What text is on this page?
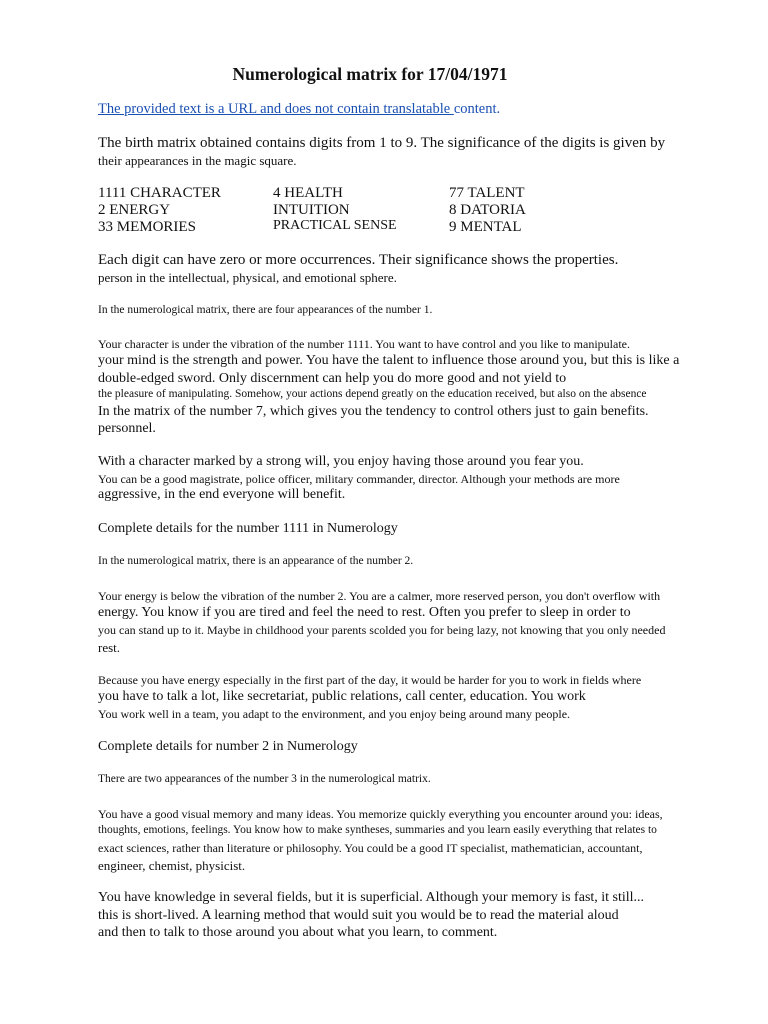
Numerological matrix for 17/04/1971
The provided text is a URL and does not contain translatable content.
The birth matrix obtained contains digits from 1 to 9. The significance of the digits is given by
their appearances in the magic square.
1111 CHARACTER
2 ENERGY
33 MEMORIES
4 HEALTH
INTUITION
PRACTICAL SENSE
77 TALENT
8 DATORIA
9 MENTAL
Each digit can have zero or more occurrences. Their significance shows the properties.
person in the intellectual, physical, and emotional sphere.
In the numerological matrix, there are four appearances of the number 1.
Your character is under the vibration of the number 1111. You want to have control and you like to manipulate.
your mind is the strength and power. You have the talent to influence those around you, but this is like a
double-edged sword. Only discernment can help you do more good and not yield to
the pleasure of manipulating. Somehow, your actions depend greatly on the education received, but also on the absence
In the matrix of the number 7, which gives you the tendency to control others just to gain benefits.
personnel.
With a character marked by a strong will, you enjoy having those around you fear you.
You can be a good magistrate, police officer, military commander, director. Although your methods are more
aggressive, in the end everyone will benefit.
Complete details for the number 1111 in Numerology
In the numerological matrix, there is an appearance of the number 2.
Your energy is below the vibration of the number 2. You are a calmer, more reserved person, you don't overflow with
energy. You know if you are tired and feel the need to rest. Often you prefer to sleep in order to
you can stand up to it. Maybe in childhood your parents scolded you for being lazy, not knowing that you only needed
rest.
Because you have energy especially in the first part of the day, it would be harder for you to work in fields where
you have to talk a lot, like secretariat, public relations, call center, education. You work
You work well in a team, you adapt to the environment, and you enjoy being around many people.
Complete details for number 2 in Numerology
There are two appearances of the number 3 in the numerological matrix.
You have a good visual memory and many ideas. You memorize quickly everything you encounter around you: ideas,
thoughts, emotions, feelings. You know how to make syntheses, summaries and you learn easily everything that relates to
exact sciences, rather than literature or philosophy. You could be a good IT specialist, mathematician, accountant,
engineer, chemist, physicist.
You have knowledge in several fields, but it is superficial. Although your memory is fast, it still...
this is short-lived. A learning method that would suit you would be to read the material aloud
and then to talk to those around you about what you learn, to comment.
